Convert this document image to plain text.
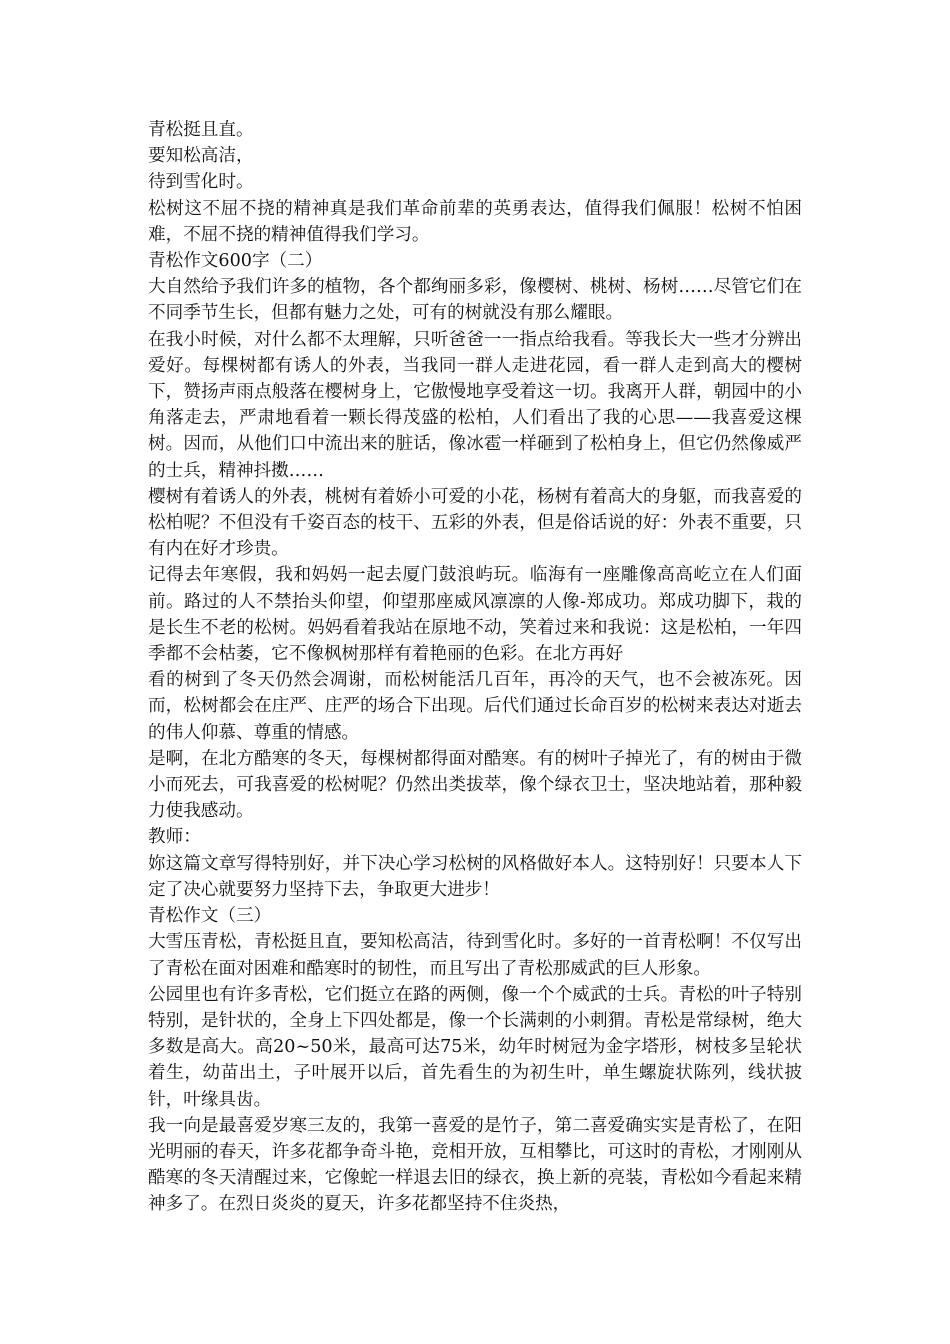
青松挺且直。

要知松高洁，

待到雪化时。

松树这不屈不挠的精神真是我们革命前辈的英勇表达，值得我们佩服！松树不怕困难，不屈不挠的精神值得我们学习。

青松作文600字（二）

大自然给予我们许多的植物，各个都绚丽多彩，像樱树、桃树、杨树……尽管它们在不同季节生长，但都有魅力之处，可有的树就没有那么耀眼。

在我小时候，对什么都不太理解，只听爸爸一一指点给我看。等我长大一些才分辨出爱好。每棵树都有诱人的外表，当我同一群人走进花园，看一群人走到高大的樱树下，赞扬声雨点般落在樱树身上，它傲慢地享受着这一切。我离开人群，朝园中的小角落走去，严肃地看着一颗长得茂盛的松柏，人们看出了我的心思——我喜爱这棵树。因而，从他们口中流出来的脏话，像冰雹一样砸到了松柏身上，但它仍然像威严的士兵，精神抖擞……

樱树有着诱人的外表，桃树有着娇小可爱的小花，杨树有着高大的身躯，而我喜爱的松柏呢？不但没有千姿百态的枝干、五彩的外表，但是俗话说的好：外表不重要，只有内在好才珍贵。

记得去年寒假，我和妈妈一起去厦门鼓浪屿玩。临海有一座雕像高高屹立在人们面前。路过的人不禁抬头仰望，仰望那座威风凛凛的人像-郑成功。郑成功脚下，栽的是长生不老的松树。妈妈看着我站在原地不动，笑着过来和我说：这是松柏，一年四季都不会枯萎，它不像枫树那样有着艳丽的色彩。在北方再好

看的树到了冬天仍然会凋谢，而松树能活几百年，再冷的天气，也不会被冻死。因而，松树都会在庄严、庄严的场合下出现。后代们通过长命百岁的松树来表达对逝去的伟人仰慕、尊重的情感。

是啊，在北方酷寒的冬天，每棵树都得面对酷寒。有的树叶子掉光了，有的树由于微小而死去，可我喜爱的松树呢？仍然出类拔萃，像个绿衣卫士，坚决地站着，那种毅力使我感动。

教师：

妳这篇文章写得特别好，并下决心学习松树的风格做好本人。这特别好！只要本人下定了决心就要努力坚持下去，争取更大进步！

青松作文（三）

大雪压青松，青松挺且直，要知松高洁，待到雪化时。多好的一首青松啊！不仅写出了青松在面对困难和酷寒时的韧性，而且写出了青松那威武的巨人形象。

公园里也有许多青松，它们挺立在路的两侧，像一个个威武的士兵。青松的叶子特别特别，是针状的，全身上下四处都是，像一个长满刺的小刺猬。青松是常绿树，绝大多数是高大。高20~50米，最高可达75米，幼年时树冠为金字塔形，树枝多呈轮状着生，幼苗出土，子叶展开以后，首先看生的为初生叶，单生螺旋状陈列，线状披针，叶缘具齿。

我一向是最喜爱岁寒三友的，我第一喜爱的是竹子，第二喜爱确实实是青松了，在阳光明丽的春天，许多花都争奇斗艳，竞相开放，互相攀比，可这时的青松，才刚刚从酷寒的冬天清醒过来，它像蛇一样退去旧的绿衣，换上新的亮装，青松如今看起来精神多了。在烈日炎炎的夏天，许多花都坚持不住炎热，
